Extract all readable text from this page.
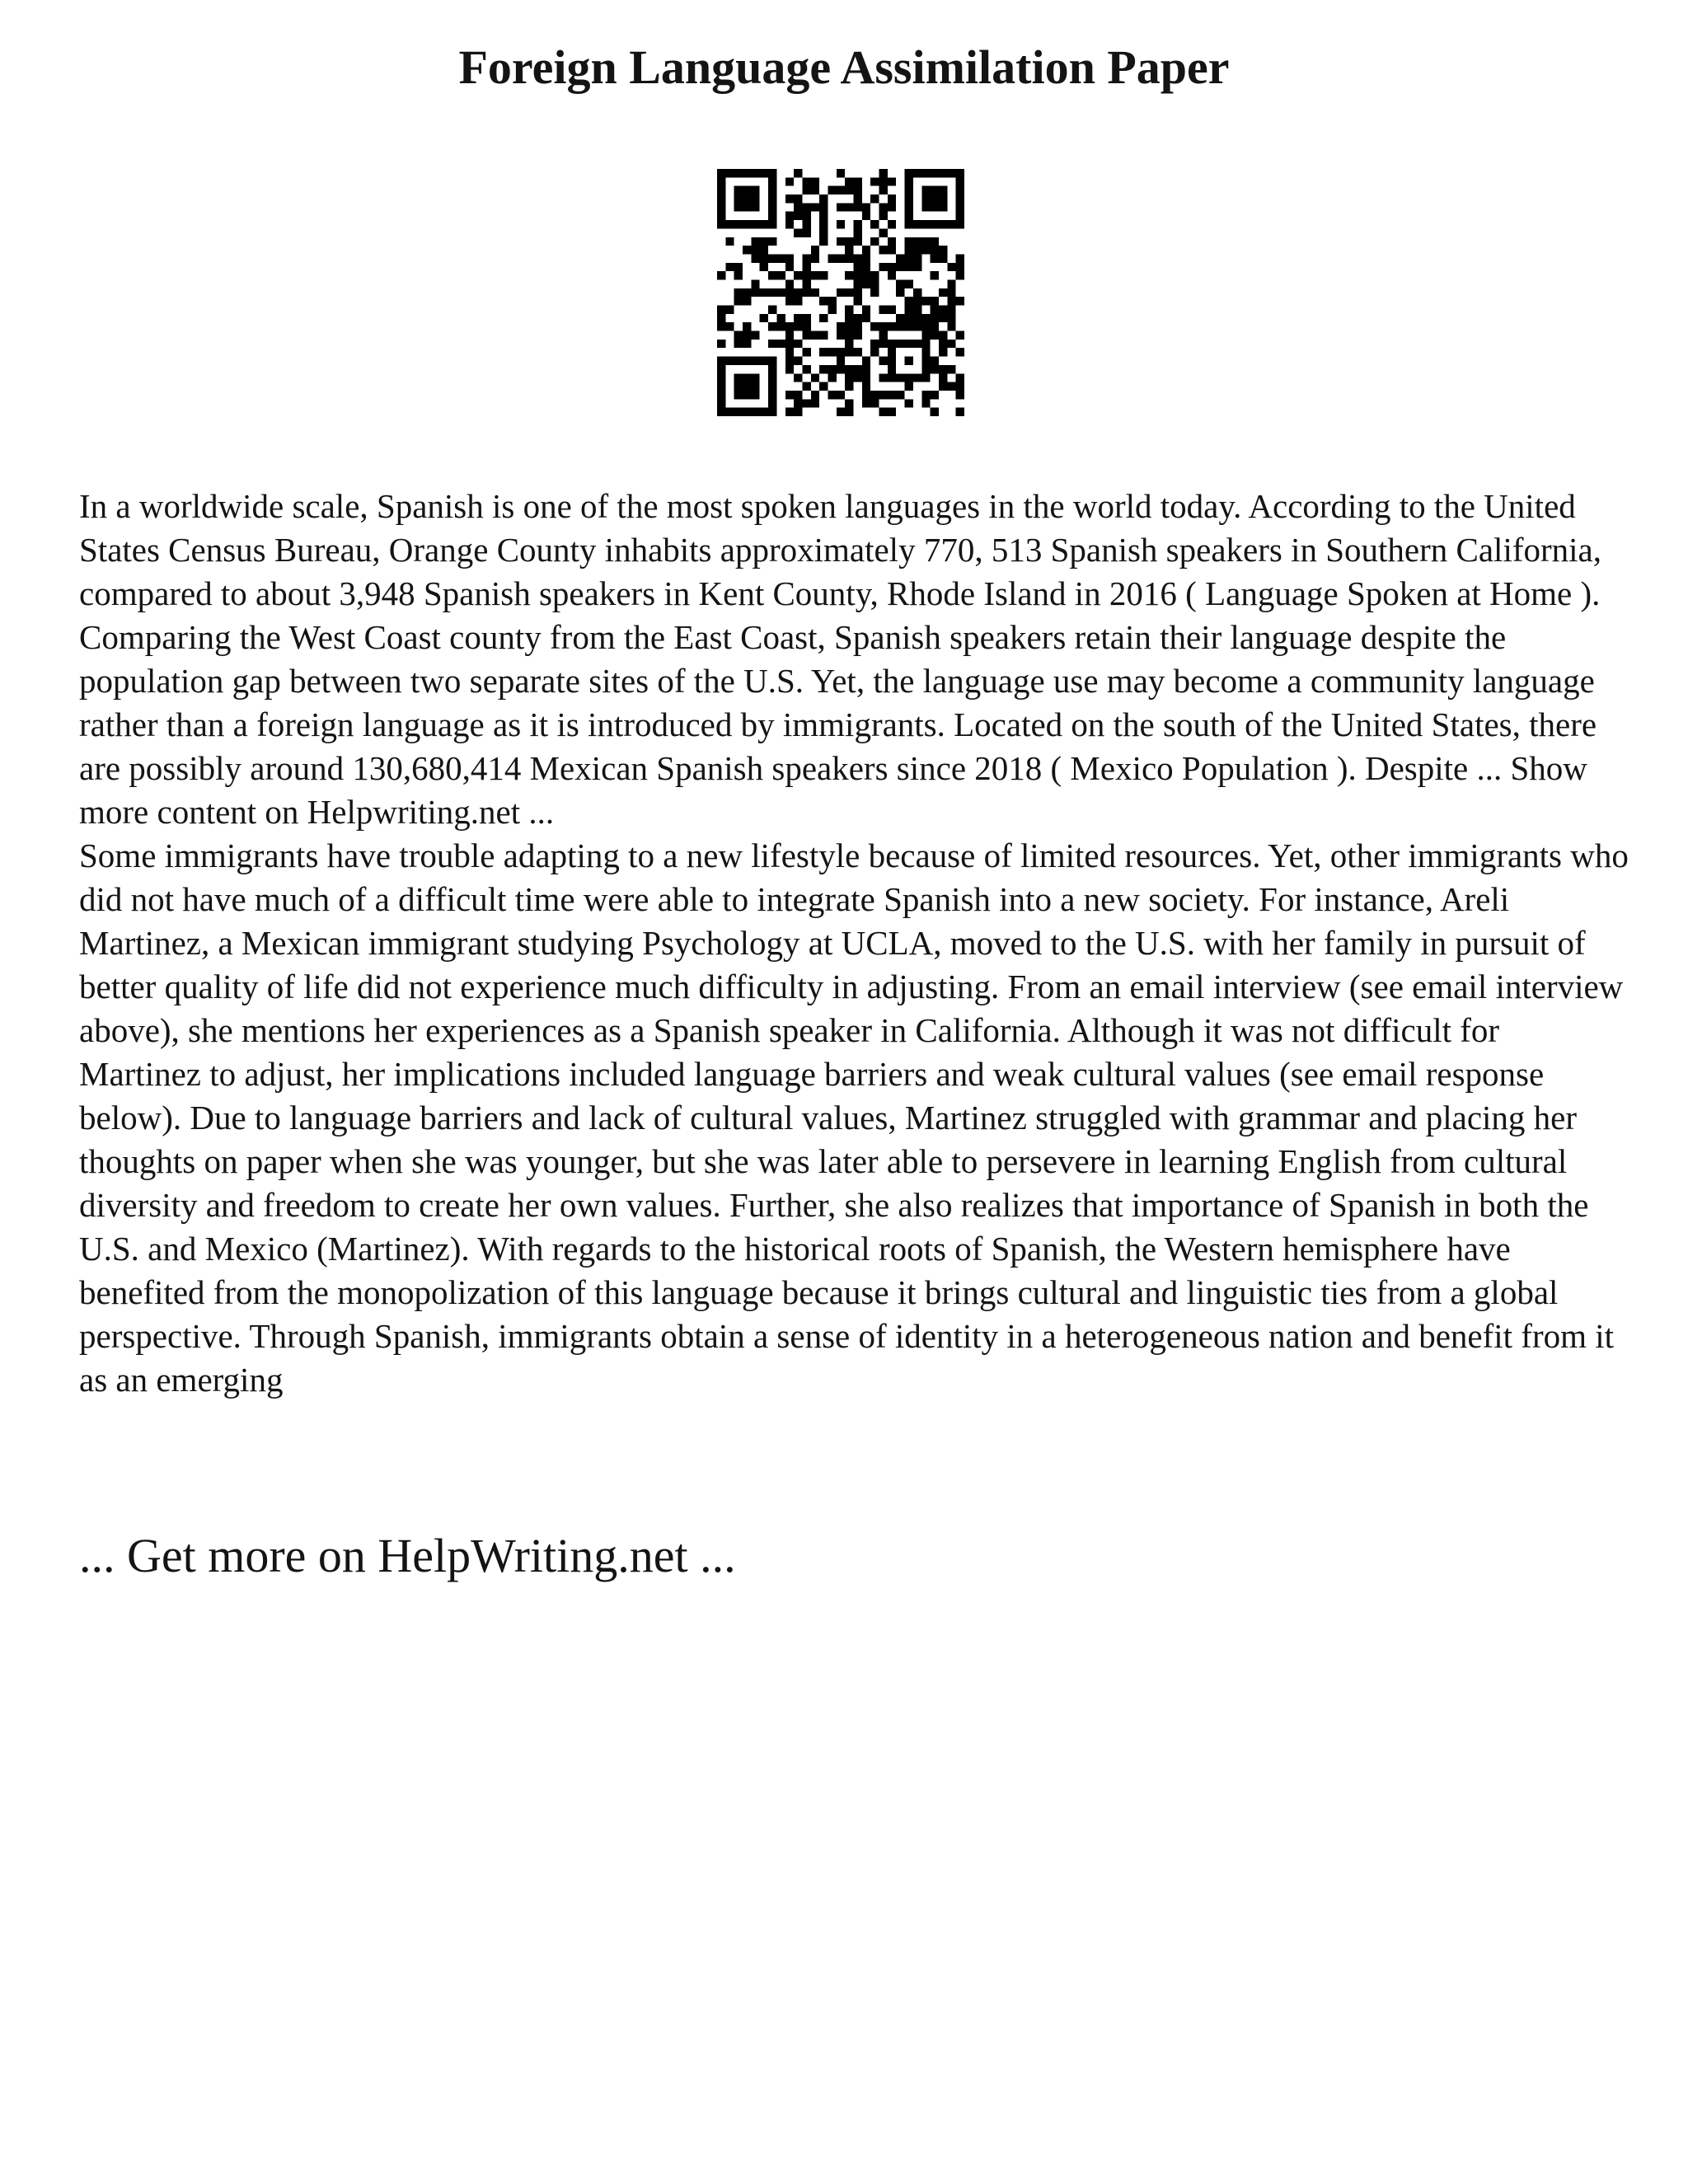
Foreign Language Assimilation Paper

In a worldwide scale, Spanish is one of the most spoken languages in the world today. According to the United States Census Bureau, Orange County inhabits approximately 770, 513 Spanish speakers in Southern California, compared to about 3,948 Spanish speakers in Kent County, Rhode Island in 2016 ( Language Spoken at Home ). Comparing the West Coast county from the East Coast, Spanish speakers retain their language despite the population gap between two separate sites of the U.S. Yet, the language use may become a community language rather than a foreign language as it is introduced by immigrants. Located on the south of the United States, there are possibly around 130,680,414 Mexican Spanish speakers since 2018 ( Mexico Population ). Despite ... Show more content on Helpwriting.net ...

Some immigrants have trouble adapting to a new lifestyle because of limited resources. Yet, other immigrants who did not have much of a difficult time were able to integrate Spanish into a new society. For instance, Areli Martinez, a Mexican immigrant studying Psychology at UCLA, moved to the U.S. with her family in pursuit of better quality of life did not experience much difficulty in adjusting. From an email interview (see email interview above), she mentions her experiences as a Spanish speaker in California. Although it was not difficult for Martinez to adjust, her implications included language barriers and weak cultural values (see email response below). Due to language barriers and lack of cultural values, Martinez struggled with grammar and placing her thoughts on paper when she was younger, but she was later able to persevere in learning English from cultural diversity and freedom to create her own values. Further, she also realizes that importance of Spanish in both the U.S. and Mexico (Martinez). With regards to the historical roots of Spanish, the Western hemisphere have benefited from the monopolization of this language because it brings cultural and linguistic ties from a global perspective. Through Spanish, immigrants obtain a sense of identity in a heterogeneous nation and benefit from it as an emerging

... Get more on HelpWriting.net ...
